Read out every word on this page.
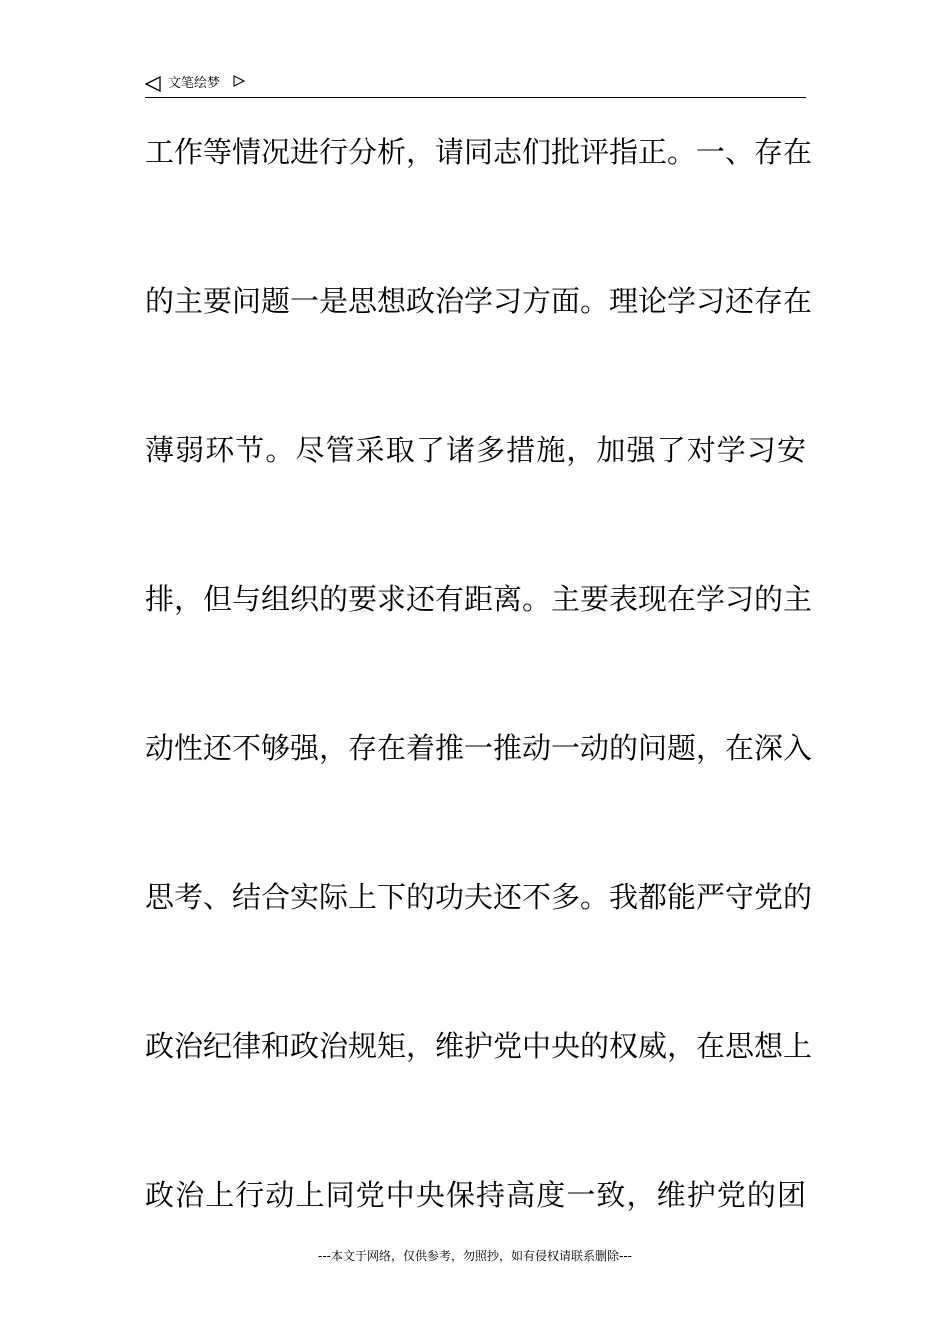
文笔绘梦
工作等情况进行分析，请同志们批评指正。一、存在
的主要问题一是思想政治学习方面。理论学习还存在
薄弱环节。尽管采取了诸多措施，加强了对学习安
排，但与组织的要求还有距离。主要表现在学习的主
动性还不够强，存在着推一推动一动的问题，在深入
思考、结合实际上下的功夫还不多。我都能严守党的
政治纪律和政治规矩，维护党中央的权威，在思想上
政治上行动上同党中央保持高度一致，维护党的团
---本文于网络，仅供参考，勿照抄，如有侵权请联系删除---
